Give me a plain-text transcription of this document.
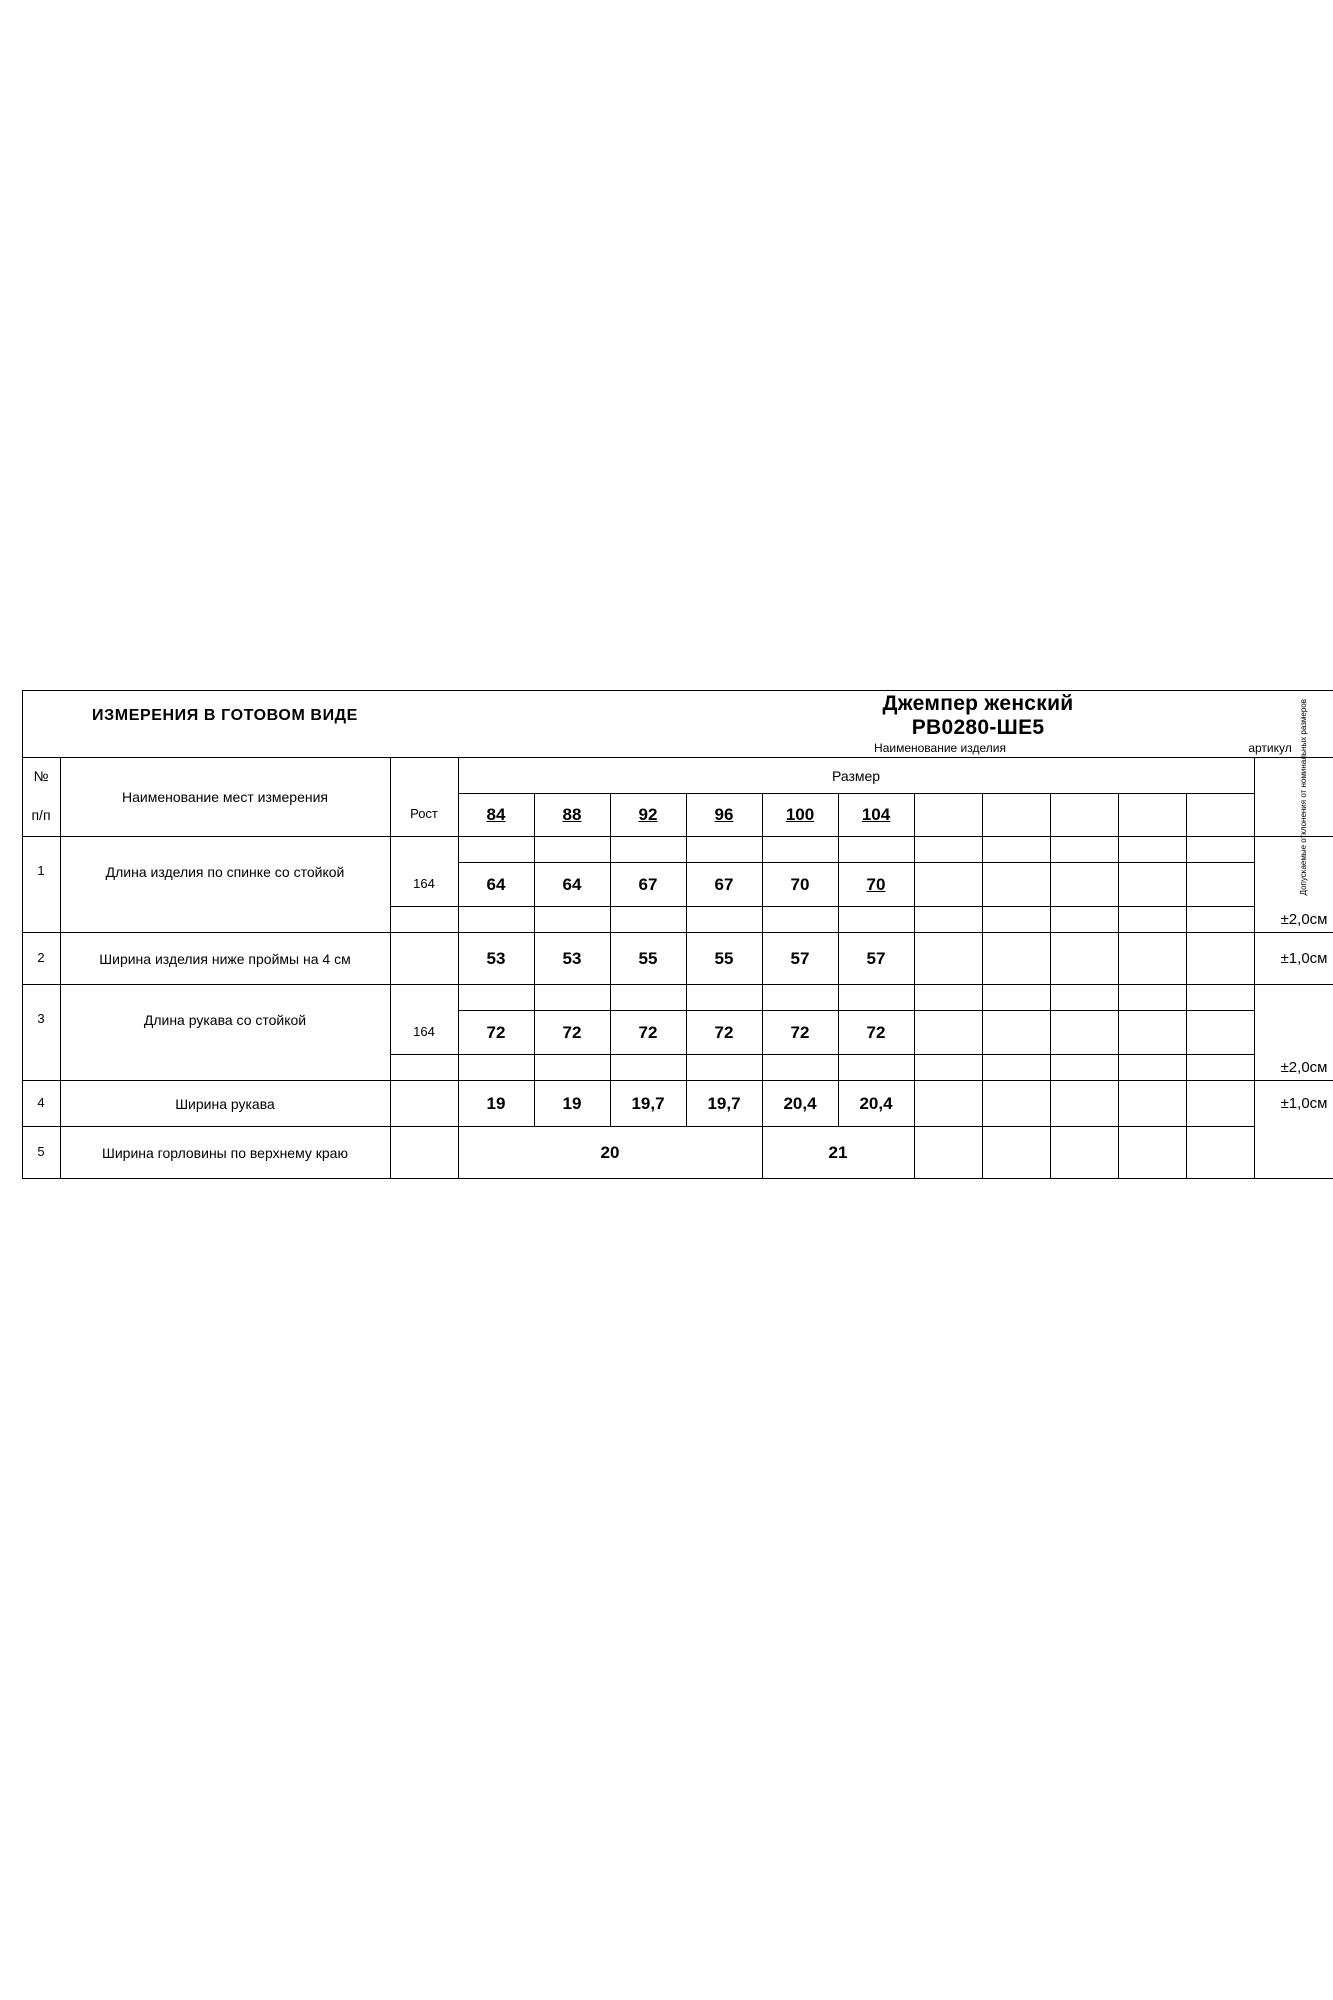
		ИЗМЕРЕНИЯ В ГОТОВОМ ВИДЕ							Джемпер женский РВ0280-ШЕ5							
								Наименование изделия						артикул		

	№	Наименование мест измерения		Размер											Допускаемые отклонения от номинальных размеров	

	п/п		Рост	84	88	92	96	100	104							
	1	Длина изделия по спинке со стойкой														
			164	64	64	67	67	70	70							
															±2,0см	
	2	Ширина изделия ниже проймы на 4 см		53	53	55	55	57	57						±1,0см	
	3	Длина рукава со стойкой														
			164	72	72	72	72	72	72							
															±2,0см	
	4	Ширина рукава		19	19	19,7	19,7	20,4	20,4						±1,0см	
	5	Ширина горловины по верхнему краю		20				21								
